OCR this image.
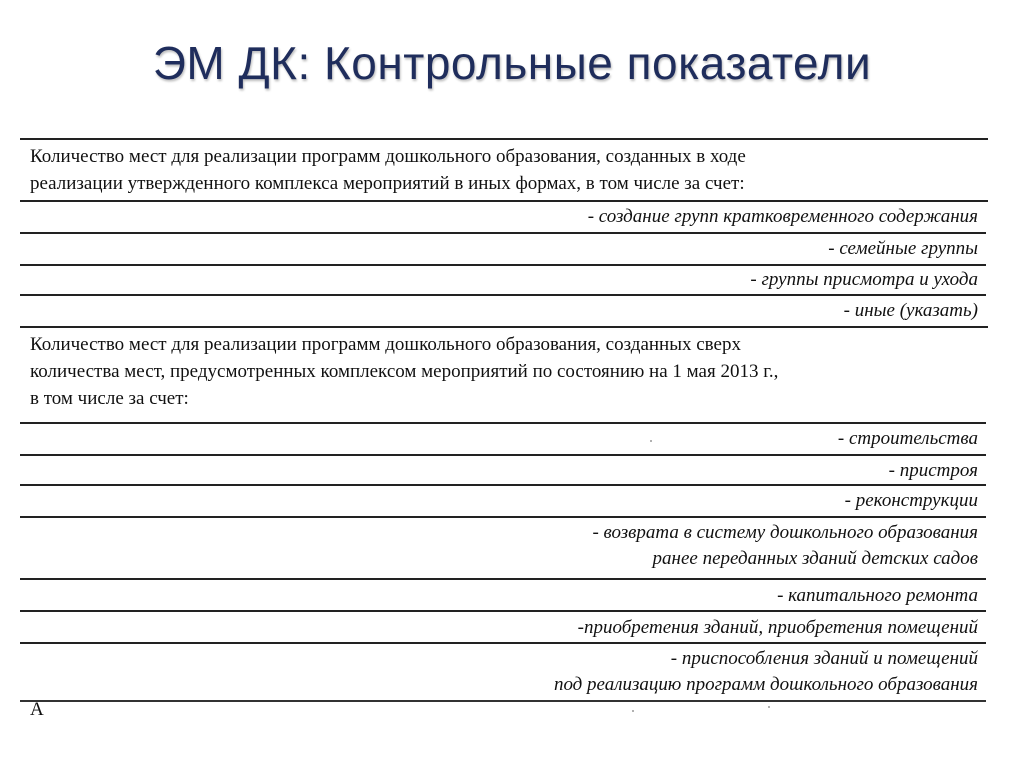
ЭМ ДК: Контрольные показатели
Количество мест для реализации программ дошкольного образования, созданных в ходе
реализации утвержденного комплекса мероприятий в иных формах, в том числе за счет:
- создание групп кратковременного содержания
- семейные группы
- группы присмотра и ухода
- иные (указать)
Количество мест для реализации программ дошкольного образования, созданных сверх
количества мест, предусмотренных комплексом мероприятий по состоянию на 1 мая 2013 г.,
в том числе за счет:
- строительства
- пристроя
- реконструкции
- возврата в систему дошкольного образования
ранее переданных зданий детских садов
- капитального ремонта
-приобретения зданий, приобретения помещений
- приспособления зданий и помещений
под реализацию программ дошкольного образования
А
